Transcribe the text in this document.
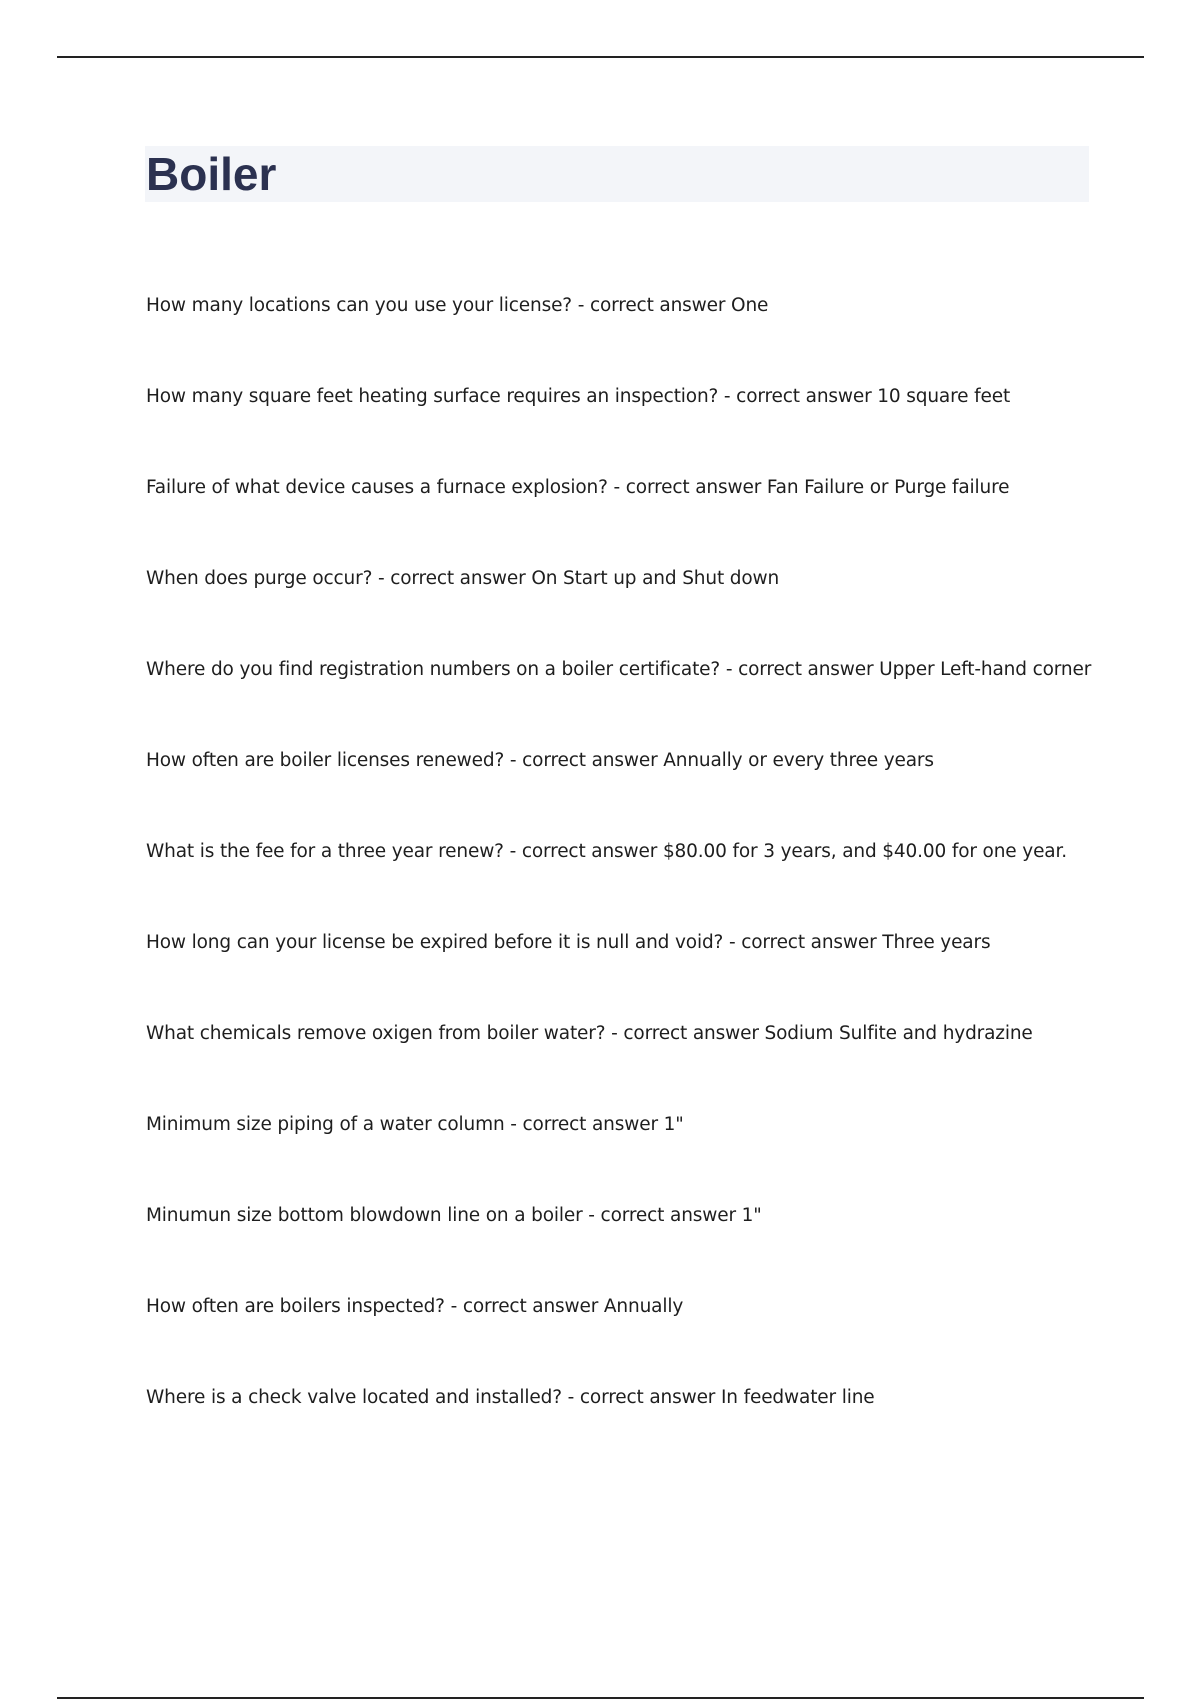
Boiler
How many locations can you use your license? - correct answer One
How many square feet heating surface requires an inspection? - correct answer 10 square feet
Failure of what device causes a furnace explosion? - correct answer Fan Failure or Purge failure
When does purge occur? - correct answer On Start up and Shut down
Where do you find registration numbers on a boiler certificate? - correct answer Upper Left-hand corner
How often are boiler licenses renewed? - correct answer Annually or every three years
What is the fee for a three year renew? - correct answer $80.00 for 3 years, and $40.00 for one year.
How long can your license be expired before it is null and void? - correct answer Three years
What chemicals remove oxigen from boiler water? - correct answer Sodium Sulfite and hydrazine
Minimum size piping of a water column - correct answer 1"
Minumun size bottom blowdown line on a boiler - correct answer 1"
How often are boilers inspected? - correct answer Annually
Where is a check valve located and installed? - correct answer In feedwater line
